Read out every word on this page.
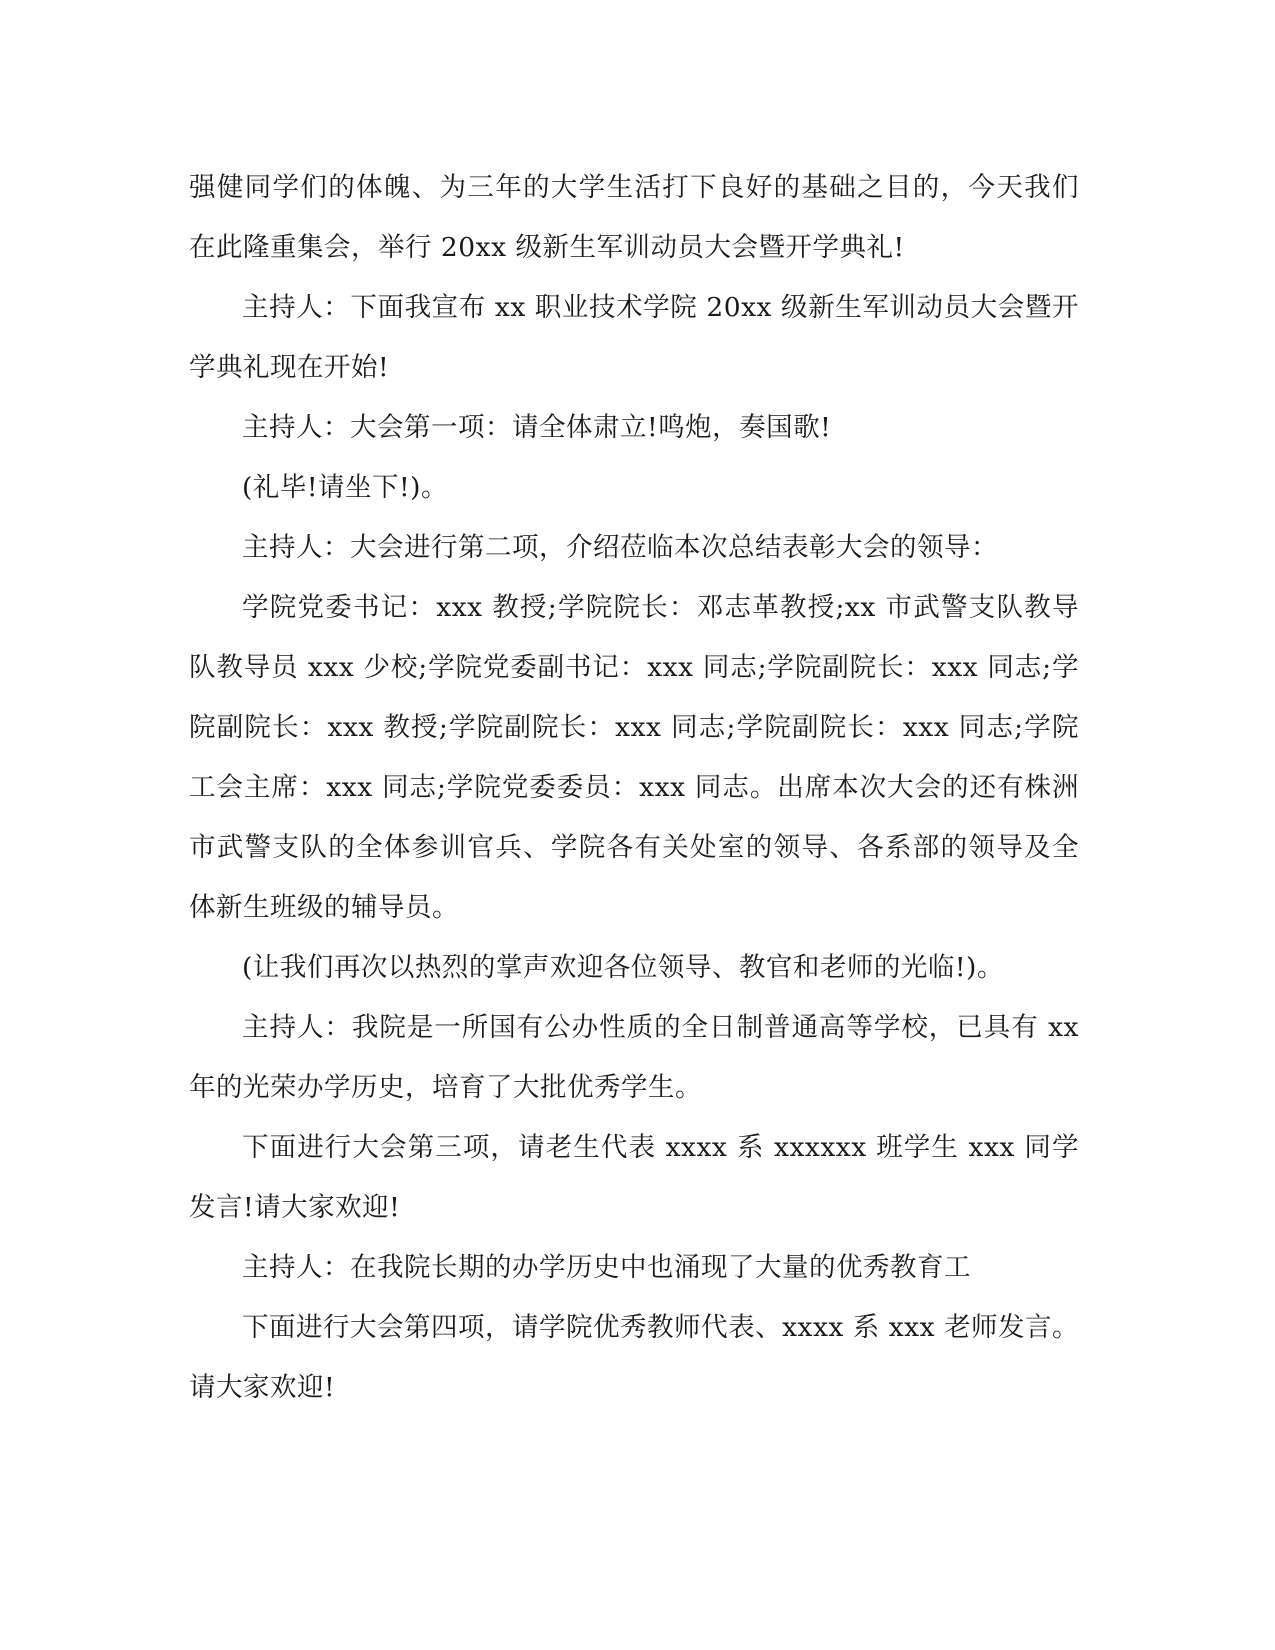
强健同学们的体魄、为三年的大学生活打下良好的基础之目的，今天我们在此隆重集会，举行 20xx 级新生军训动员大会暨开学典礼!

主持人：下面我宣布 xx 职业技术学院 20xx 级新生军训动员大会暨开学典礼现在开始!

主持人：大会第一项：请全体肃立!鸣炮，奏国歌!

(礼毕!请坐下!)。

主持人：大会进行第二项，介绍莅临本次总结表彰大会的领导：

学院党委书记：xxx 教授;学院院长：邓志革教授;xx 市武警支队教导队教导员 xxx 少校;学院党委副书记：xxx 同志;学院副院长：xxx 同志;学院副院长：xxx 教授;学院副院长：xxx 同志;学院副院长：xxx 同志;学院工会主席：xxx 同志;学院党委委员：xxx 同志。出席本次大会的还有株洲市武警支队的全体参训官兵、学院各有关处室的领导、各系部的领导及全体新生班级的辅导员。

(让我们再次以热烈的掌声欢迎各位领导、教官和老师的光临!)。

主持人：我院是一所国有公办性质的全日制普通高等学校，已具有 xx 年的光荣办学历史，培育了大批优秀学生。

下面进行大会第三项，请老生代表 xxxx 系 xxxxxx 班学生 xxx 同学发言!请大家欢迎!

主持人：在我院长期的办学历史中也涌现了大量的优秀教育工

下面进行大会第四项，请学院优秀教师代表、xxxx 系 xxx 老师发言。请大家欢迎!
